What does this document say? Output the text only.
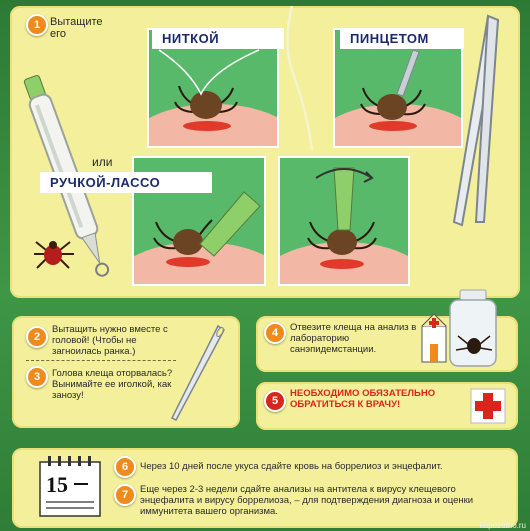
1 Вытащите его	НИТКОЙ	ПИНЦЕТОМ
или
РУЧКОЙ-ЛАССО
2
Вытащить нужно вместе с головой! (Чтобы не загноилась ранка.)
3	Голова клеща оторвалась? Вынимайте ее иголкой, как занозу!
4	Отвезите клеща на анализ в лабораторию санэпидемстанции.
5
НЕОБХОДИМО ОБЯЗАТЕЛЬНО ОБРАТИТЬСЯ К ВРАЧУ!
15
6	Через 10 дней после укуса сдайте кровь на боррелиоз и энцефалит.
7	Еще через 2-3 недели сдайте анализы на антитела к вирусу клещевого энцефалита и вирусу боррелиоза, – для подтверждения диагноза и оценки иммунитета вашего организма.
kapozomo.ru
